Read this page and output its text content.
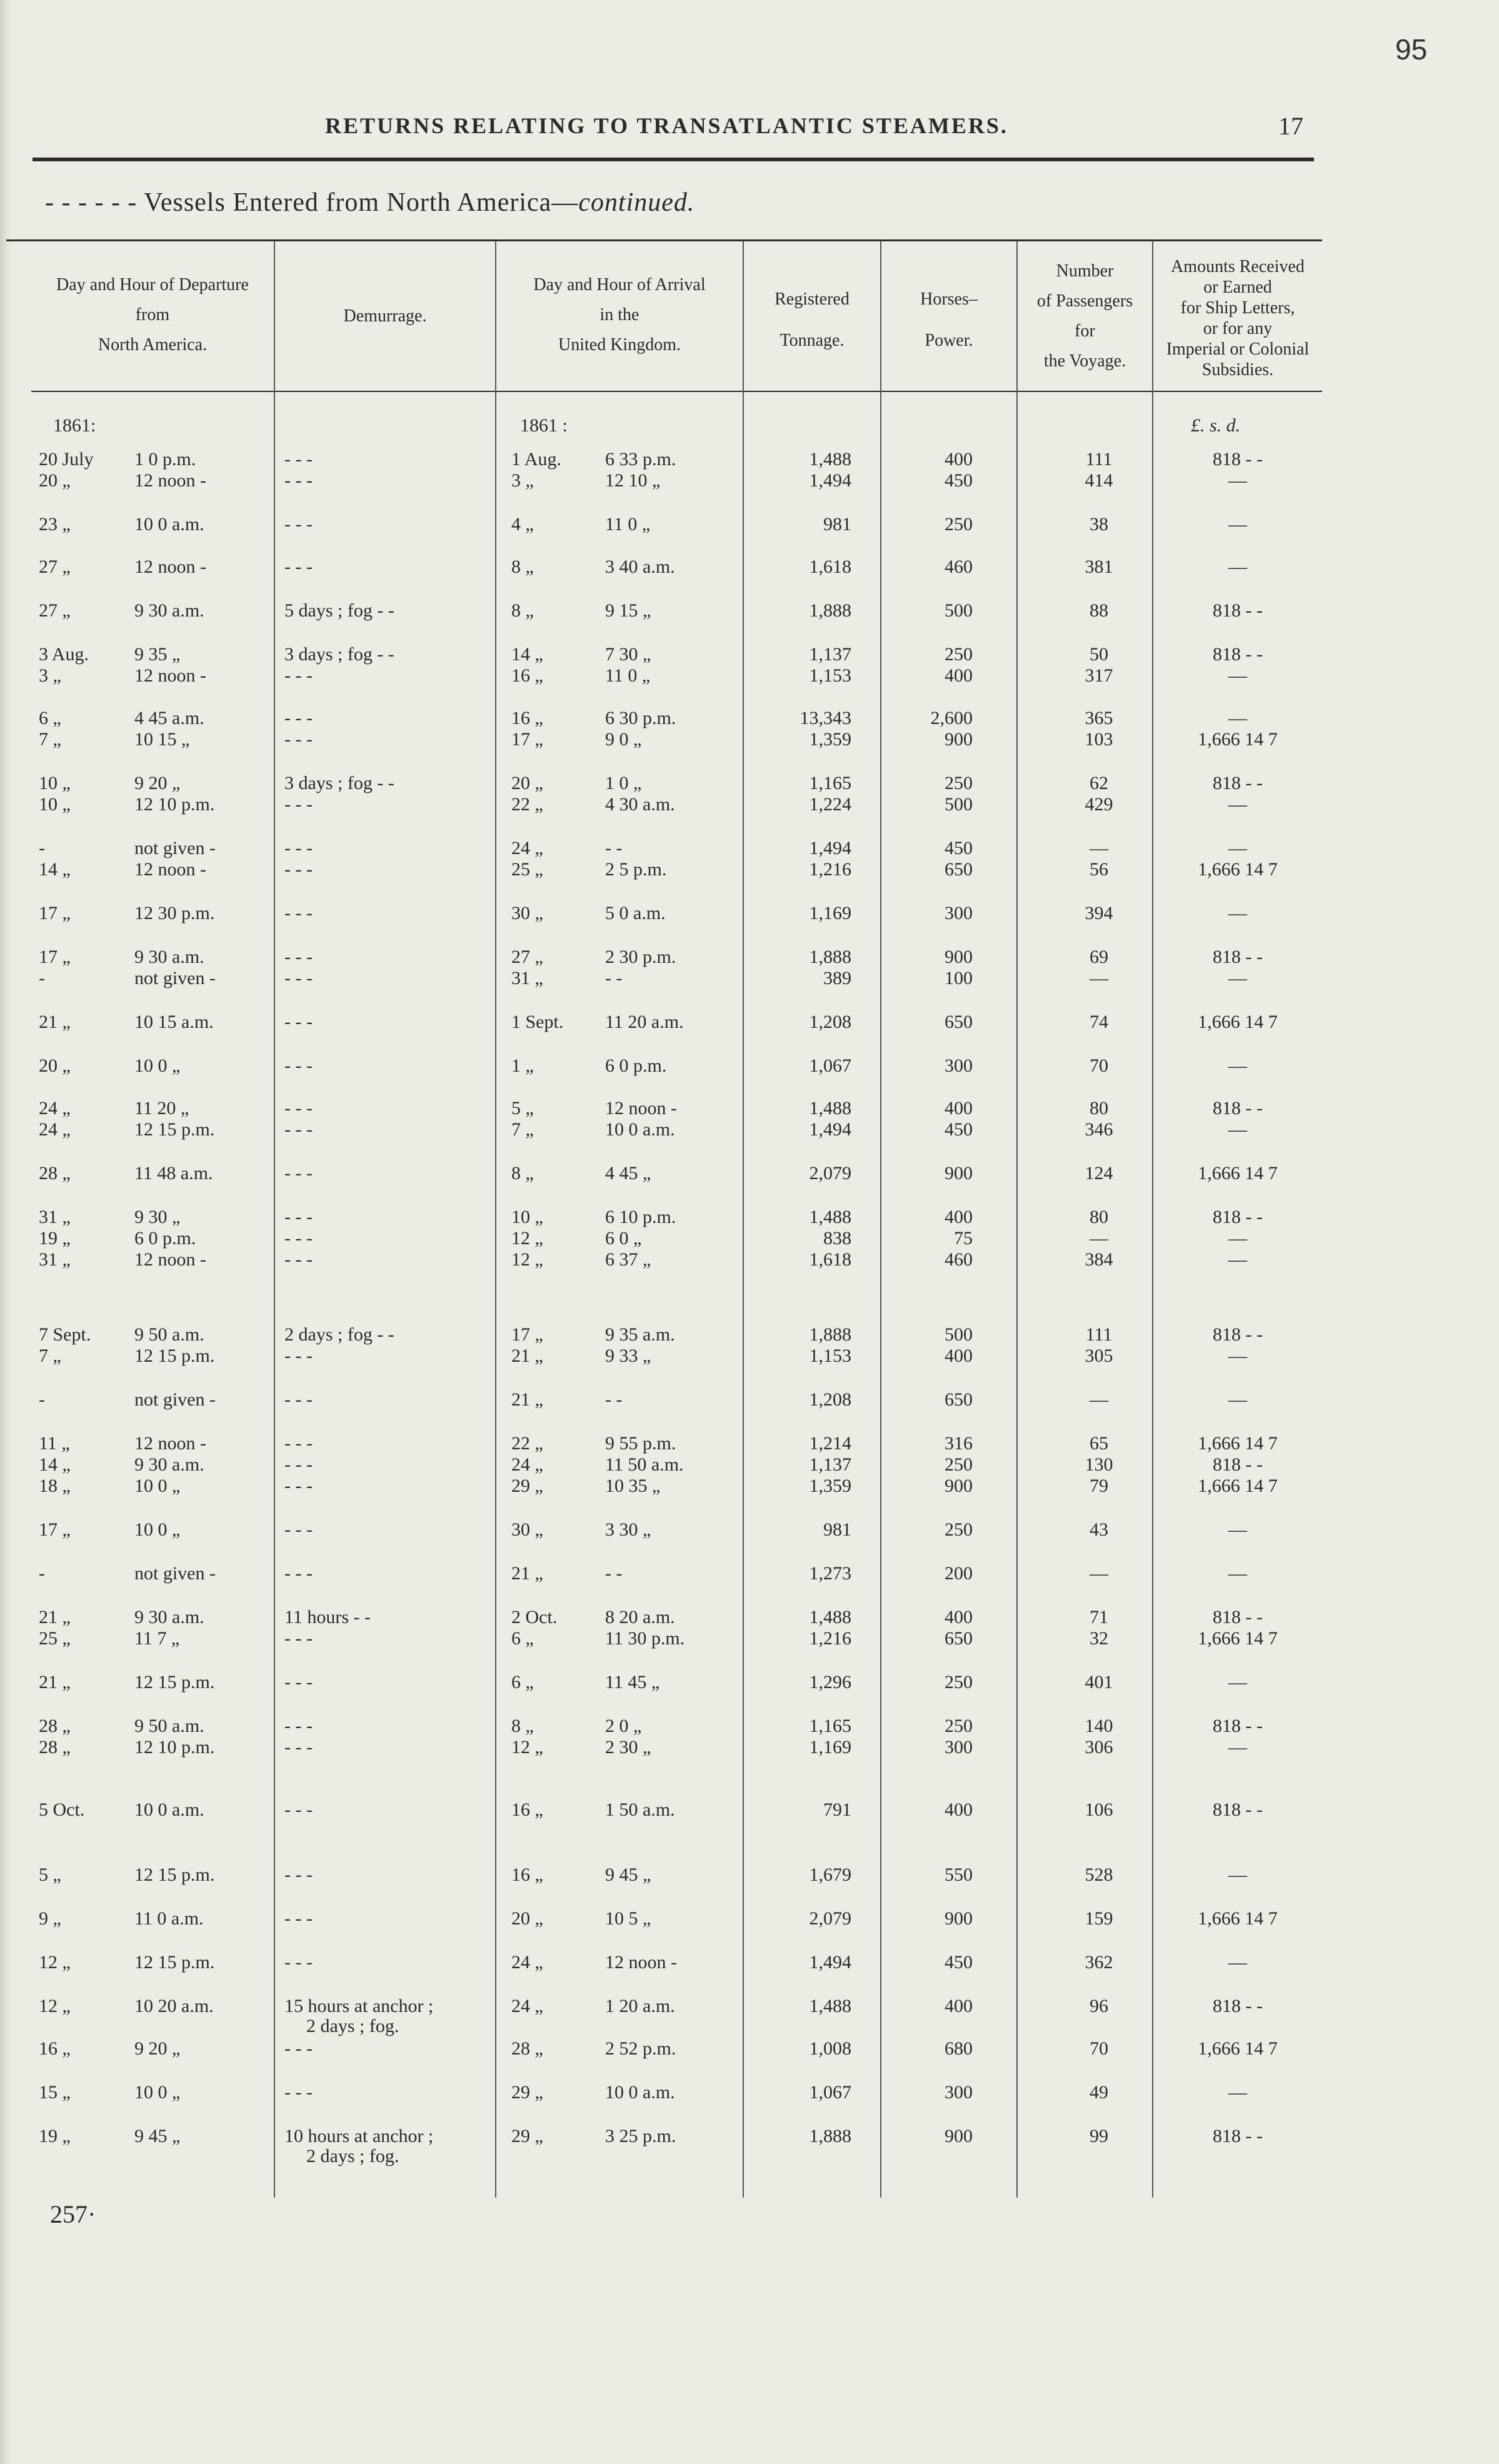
95
RETURNS RELATING TO TRANSATLANTIC STEAMERS.	17
- - - - - - Vessels Entered from North America—continued.
Day and Hour of Departure
from
North America.
Demurrage.
Day and Hour of Arrival
in the
United Kingdom.
Registered
Tonnage.
Horses–
Power.
Number
of Passengers
for
the Voyage.
Amounts Received
or Earned
for Ship Letters,
or for any
Imperial or Colonial
Subsidies.
1861:	1861 :	£. s. d.
20 July 1 0 p.m.	- - -	1 Aug. 6 33 p.m.	1,488	400	111	818 - -
20 „	12 noon -	- - -	3 „	12 10 „	1,494	450	414	—
23 „	10 0 a.m.	- - -	4 „	11 0 „	981	250	38	—
27 „	12 noon -	- - -	8 „	3 40 a.m.	1,618	460	381	—
27 „	9 30 a.m.	5 days ; fog - -	8 „	9 15 „	1,888	500	88	818 - -
3 Aug. 9 35 „	3 days ; fog - -	14 „	7 30 „	1,137	250	50	818 - -
3 „	12 noon -	- - -	16 „	11 0 „	1,153	400	317	—
6 „	4 45 a.m.	- - -	16 „	6 30 p.m.	13,343	2,600	365	—
7 „	10 15 „	- - -	17 „	9 0 „	1,359	900	103	1,666 14 7
10 „	9 20 „	3 days ; fog - -	20 „	1 0 „	1,165	250	62	818 - -
10 „	12 10 p.m.	- - -	22 „	4 30 a.m.	1,224	500	429	—
-	not given -	- - -	24 „	- -	1,494	450	—	—
14 „	12 noon -	- - -	25 „	2 5 p.m.	1,216	650	56	1,666 14 7
17 „	12 30 p.m.	- - -	30 „	5 0 a.m.	1,169	300	394	—
17 „	9 30 a.m.	- - -	27 „	2 30 p.m.	1,888	900	69	818 - -
-	not given -	- - -	31 „	- -	389	100	—	—
21 „	10 15 a.m.	- - -	1 Sept. 11 20 a.m.	1,208	650	74	1,666 14 7
20 „	10 0 „	- - -	1 „	6 0 p.m.	1,067	300	70	—
24 „	11 20 „	- - -	5 „	12 noon -	1,488	400	80	818 - -
24 „	12 15 p.m.	- - -	7 „	10 0 a.m.	1,494	450	346	—
28 „	11 48 a.m.	- - -	8 „	4 45 „	2,079	900	124	1,666 14 7
31 „	9 30 „	- - -	10 „	6 10 p.m.	1,488	400	80	818 - -
19 „	6 0 p.m.	- - -	12 „	6 0 „	838	75	—	—
31 „	12 noon -	- - -	12 „	6 37 „	1,618	460	384	—
7 Sept. 9 50 a.m.	2 days ; fog - -	17 „	9 35 a.m.	1,888	500	111	818 - -
7 „	12 15 p.m.	- - -	21 „	9 33 „	1,153	400	305	—
-	not given -	- - -	21 „	- -	1,208	650	—	—
11 „	12 noon -	- - -	22 „	9 55 p.m.	1,214	316	65	1,666 14 7
14 „	9 30 a.m.	- - -	24 „	11 50 a.m.	1,137	250	130	818 - -
18 „	10 0 „	- - -	29 „	10 35 „	1,359	900	79	1,666 14 7
17 „	10 0 „	- - -	30 „	3 30 „	981	250	43	—
-	not given -	- - -	21 „	- -	1,273	200	—	—
21 „	9 30 a.m.	11 hours - -	2 Oct.	8 20 a.m.	1,488	400	71	818 - -
25 „	11 7 „	- - -	6 „	11 30 p.m.	1,216	650	32	1,666 14 7
21 „	12 15 p.m.	- - -	6 „	11 45 „	1,296	250	401	—
28 „	9 50 a.m.	- - -	8 „	2 0 „	1,165	250	140	818 - -
28 „	12 10 p.m.	- - -	12 „	2 30 „	1,169	300	306	—
5 Oct.	10 0 a.m.	- - -	16 „	1 50 a.m.	791	400	106	818 - -
5 „	12 15 p.m.	- - -	16 „	9 45 „	1,679	550	528	—
9 „	11 0 a.m.	- - -	20 „	10 5 „	2,079	900	159	1,666 14 7
12 „	12 15 p.m.	- - -	24 „	12 noon -	1,494	450	362	—
12 „	10 20 a.m.	15 hours at anchor ;	24 „	1 20 a.m.	1,488	400	96	818 - -
2 days ; fog.
16 „	9 20 „	- - -	28 „	2 52 p.m.	1,008	680	70	1,666 14 7
15 „	10 0 „	- - -	29 „	10 0 a.m.	1,067	300	49	—
19 „	9 45 „	10 hours at anchor ;	29 „	3 25 p.m.	1,888	900	99	818 - -
2 days ; fog.
257·
